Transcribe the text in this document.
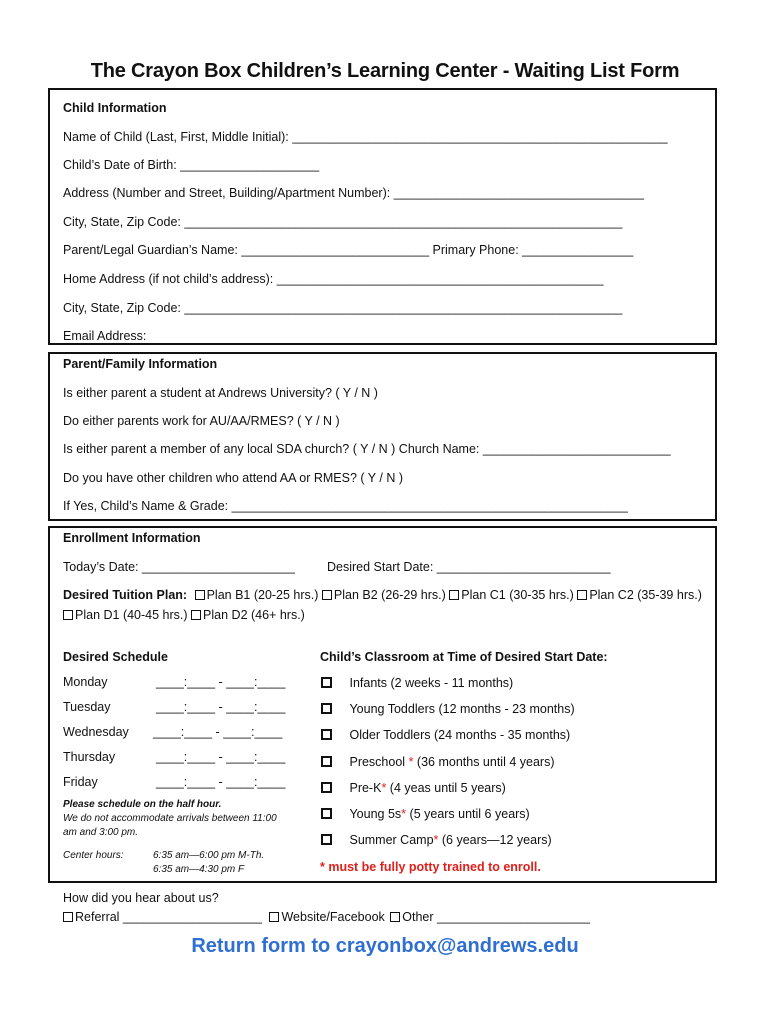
The Crayon Box Children’s Learning Center - Waiting List Form
Child Information
Name of Child (Last, First, Middle Initial): ______________________________________________________
Child’s Date of Birth: ____________________
Address (Number and Street, Building/Apartment Number): ____________________________________
City, State, Zip Code: _______________________________________________________________
Parent/Legal Guardian’s Name: ___________________________ Primary Phone: ________________
Home Address (if not child’s address): _______________________________________________
City, State, Zip Code: _______________________________________________________________
Email Address:
Parent/Family Information
Is either parent a student at Andrews University? ( Y / N )
Do either parents work for AU/AA/RMES? ( Y / N )
Is either parent a member of any local SDA church? ( Y / N ) Church Name: ___________________________
Do you have other children who attend AA or RMES? ( Y / N )
If Yes, Child’s Name & Grade: _________________________________________________________
Enrollment Information
Today’s Date: ______________________	Desired Start Date: _________________________
Desired Tuition Plan: Plan B1 (20-25 hrs.) Plan B2 (26-29 hrs.) Plan C1 (30-35 hrs.) Plan C2 (35-39 hrs.)
Plan D1 (40-45 hrs.) Plan D2 (46+ hrs.)
Desired Schedule
Monday	____:____ - ____:____
Tuesday	____:____ - ____:____
Wednesday ____:____ - ____:____
Thursday	____:____ - ____:____
Friday	____:____ - ____:____
Please schedule on the half hour.
We do not accommodate arrivals between 11:00
am and 3:00 pm.
Center hours:	6:35 am—6:00 pm M-Th.
6:35 am—4:30 pm F
Child’s Classroom at Time of Desired Start Date:
Infants (2 weeks - 11 months)
Young Toddlers (12 months - 23 months)
Older Toddlers (24 months - 35 months)
Preschool * (36 months until 4 years)
Pre-K* (4 yeas until 5 years)
Young 5s* (5 years until 6 years)
Summer Camp* (6 years—12 years)
* must be fully potty trained to enroll.
How did you hear about us?
Referral ____________________ Website/Facebook Other ______________________
Return form to crayonbox@andrews.edu
